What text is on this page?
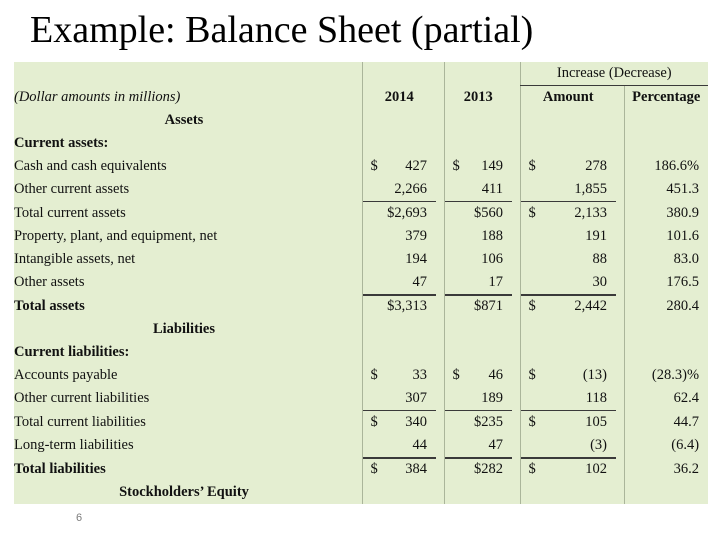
Example: Balance Sheet (partial)
						Increase (Decrease)		
(Dollar amounts in millions)		2014		2013		Amount		Percentage
Assets								
Current assets:								
Cash and cash equivalents		$ 427		$ 149		$ 278		186.6%

Other current assets		2,266		411		1,855		451.3

Total current assets		$2,693		$560		$ 2,133		380.9

Property, plant, and equipment, net		379		188		191		101.6

Intangible assets, net		194		106		88		83.0

Other assets		47		17		30		176.5

Total assets		$3,313		$871		$ 2,442		280.4

Liabilities								
Current liabilities:								
Accounts payable		$ 33		$ 46		$ (13)		(28.3)%

Other current liabilities		307		189		118		62.4

Total current liabilities		$ 340		$235		$ 105		44.7

Long-term liabilities		44		47		(3)		(6.4)

Total liabilities		$ 384		$282		$ 102		36.2

Stockholders’ Equity								
6
